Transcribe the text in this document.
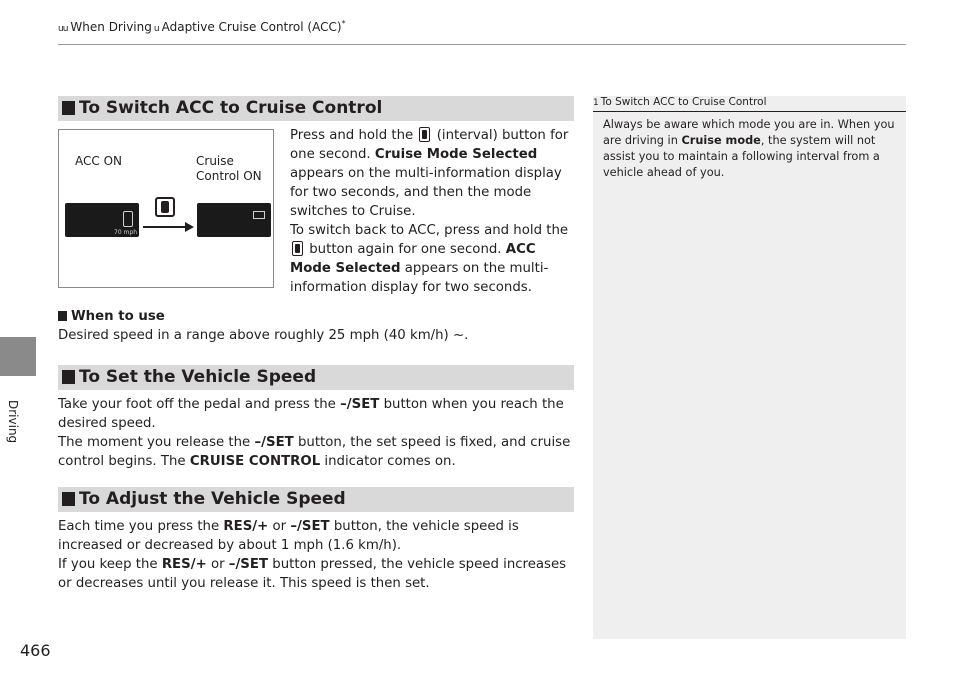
uu When Driving u Adaptive Cruise Control (ACC)*
Driving
466
To Switch ACC to Cruise Control
ACC ON	Cruise
Control ON
70 mph
Press and hold the (interval) button for one second. Cruise Mode Selected appears on the multi-information display for two seconds, and then the mode switches to Cruise.
To switch back to ACC, press and hold the  button again for one second. ACC Mode Selected appears on the multi-information display for two seconds.
When to use
Desired speed in a range above roughly 25 mph (40 km/h) ~.
To Set the Vehicle Speed
Take your foot off the pedal and press the –/SET button when you reach the desired speed.
The moment you release the –/SET button, the set speed is fixed, and cruise control begins. The CRUISE CONTROL indicator comes on.
To Adjust the Vehicle Speed
Each time you press the RES/+ or –/SET button, the vehicle speed is increased or decreased by about 1 mph (1.6 km/h).
If you keep the RES/+ or –/SET button pressed, the vehicle speed increases or decreases until you release it. This speed is then set.
1 To Switch ACC to Cruise Control
Always be aware which mode you are in. When you are driving in Cruise mode, the system will not assist you to maintain a following interval from a vehicle ahead of you.
